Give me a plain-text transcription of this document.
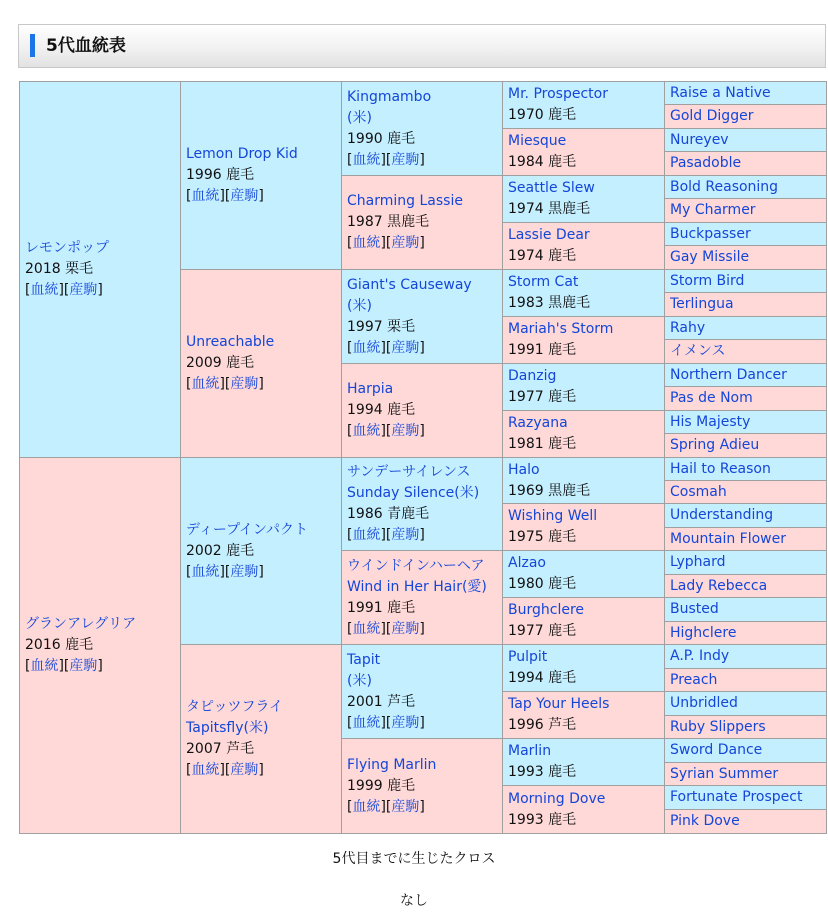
5代血統表
レモンポップ
2018 栗毛
[血統][産駒]
グランアレグリア
2016 鹿毛
[血統][産駒]
Lemon Drop Kid
1996 鹿毛
[血統][産駒]
Unreachable
2009 鹿毛
[血統][産駒]
ディープインパクト
2002 鹿毛
[血統][産駒]
タピッツフライ
Tapitsfly(米)
2007 芦毛
[血統][産駒]
Kingmambo
(米)
1990 鹿毛
[血統][産駒]
Charming Lassie
1987 黒鹿毛
[血統][産駒]
Giant's Causeway
(米)
1997 栗毛
[血統][産駒]
Harpia
1994 鹿毛
[血統][産駒]
サンデーサイレンス
Sunday Silence(米)
1986 青鹿毛
[血統][産駒]
ウインドインハーヘア
Wind in Her Hair(愛)
1991 鹿毛
[血統][産駒]
Tapit
(米)
2001 芦毛
[血統][産駒]
Flying Marlin
1999 鹿毛
[血統][産駒]
Mr. Prospector
1970 鹿毛
Miesque
1984 鹿毛
Seattle Slew
1974 黒鹿毛
Lassie Dear
1974 鹿毛
Storm Cat
1983 黒鹿毛
Mariah's Storm
1991 鹿毛
Danzig
1977 鹿毛
Razyana
1981 鹿毛
Halo
1969 黒鹿毛
Wishing Well
1975 鹿毛
Alzao
1980 鹿毛
Burghclere
1977 鹿毛
Pulpit
1994 鹿毛
Tap Your Heels
1996 芦毛
Marlin
1993 鹿毛
Morning Dove
1993 鹿毛
Raise a Native
Gold Digger
Nureyev
Pasadoble
Bold Reasoning
My Charmer
Buckpasser
Gay Missile
Storm Bird
Terlingua
Rahy
イメンス
Northern Dancer
Pas de Nom
His Majesty
Spring Adieu
Hail to Reason
Cosmah
Understanding
Mountain Flower
Lyphard
Lady Rebecca
Busted
Highclere
A.P. Indy
Preach
Unbridled
Ruby Slippers
Sword Dance
Syrian Summer
Fortunate Prospect
Pink Dove
5代目までに生じたクロス
なし
